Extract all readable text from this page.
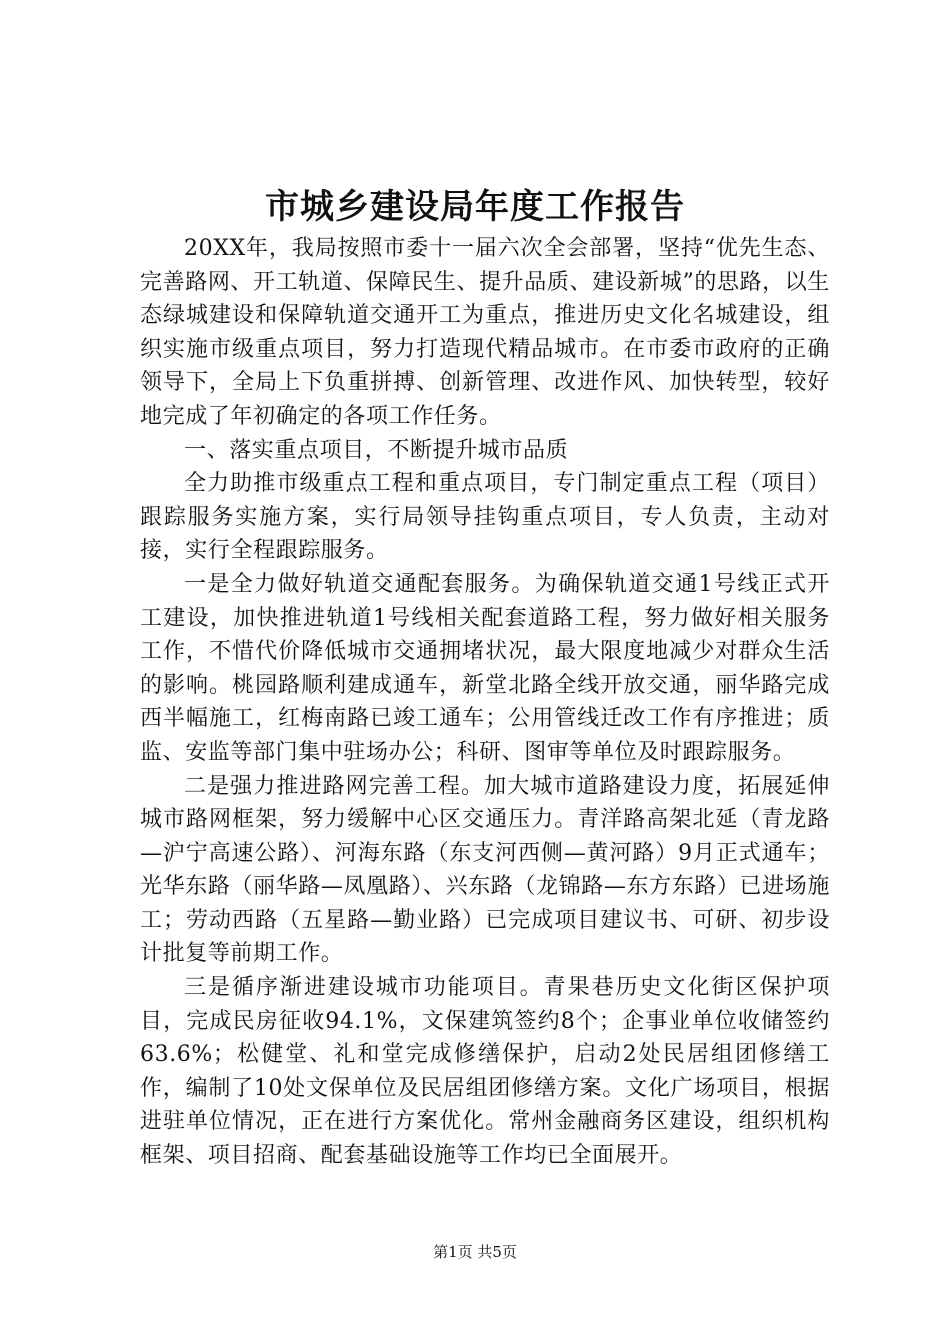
市城乡建设局年度工作报告

20XX年，我局按照市委十一届六次全会部署，坚持“优先生态、完善路网、开工轨道、保障民生、提升品质、建设新城”的思路，以生态绿城建设和保障轨道交通开工为重点，推进历史文化名城建设，组织实施市级重点项目，努力打造现代精品城市。在市委市政府的正确领导下，全局上下负重拼搏、创新管理、改进作风、加快转型，较好地完成了年初确定的各项工作任务。

一、落实重点项目，不断提升城市品质

全力助推市级重点工程和重点项目，专门制定重点工程（项目）跟踪服务实施方案，实行局领导挂钩重点项目，专人负责，主动对接，实行全程跟踪服务。

一是全力做好轨道交通配套服务。为确保轨道交通1号线正式开工建设，加快推进轨道1号线相关配套道路工程，努力做好相关服务工作，不惜代价降低城市交通拥堵状况，最大限度地减少对群众生活的影响。桃园路顺利建成通车，新堂北路全线开放交通，丽华路完成西半幅施工，红梅南路已竣工通车；公用管线迁改工作有序推进；质监、安监等部门集中驻场办公；科研、图审等单位及时跟踪服务。

二是强力推进路网完善工程。加大城市道路建设力度，拓展延伸城市路网框架，努力缓解中心区交通压力。青洋路高架北延（青龙路—沪宁高速公路）、河海东路（东支河西侧—黄河路）9月正式通车；光华东路（丽华路—凤凰路）、兴东路（龙锦路—东方东路）已进场施工；劳动西路（五星路—勤业路）已完成项目建议书、可研、初步设计批复等前期工作。

三是循序渐进建设城市功能项目。青果巷历史文化街区保护项目，完成民房征收94.1%，文保建筑签约8个；企事业单位收储签约63.6%；松健堂、礼和堂完成修缮保护，启动2处民居组团修缮工作，编制了10处文保单位及民居组团修缮方案。文化广场项目，根据进驻单位情况，正在进行方案优化。常州金融商务区建设，组织机构框架、项目招商、配套基础设施等工作均已全面展开。

第1页 共5页
